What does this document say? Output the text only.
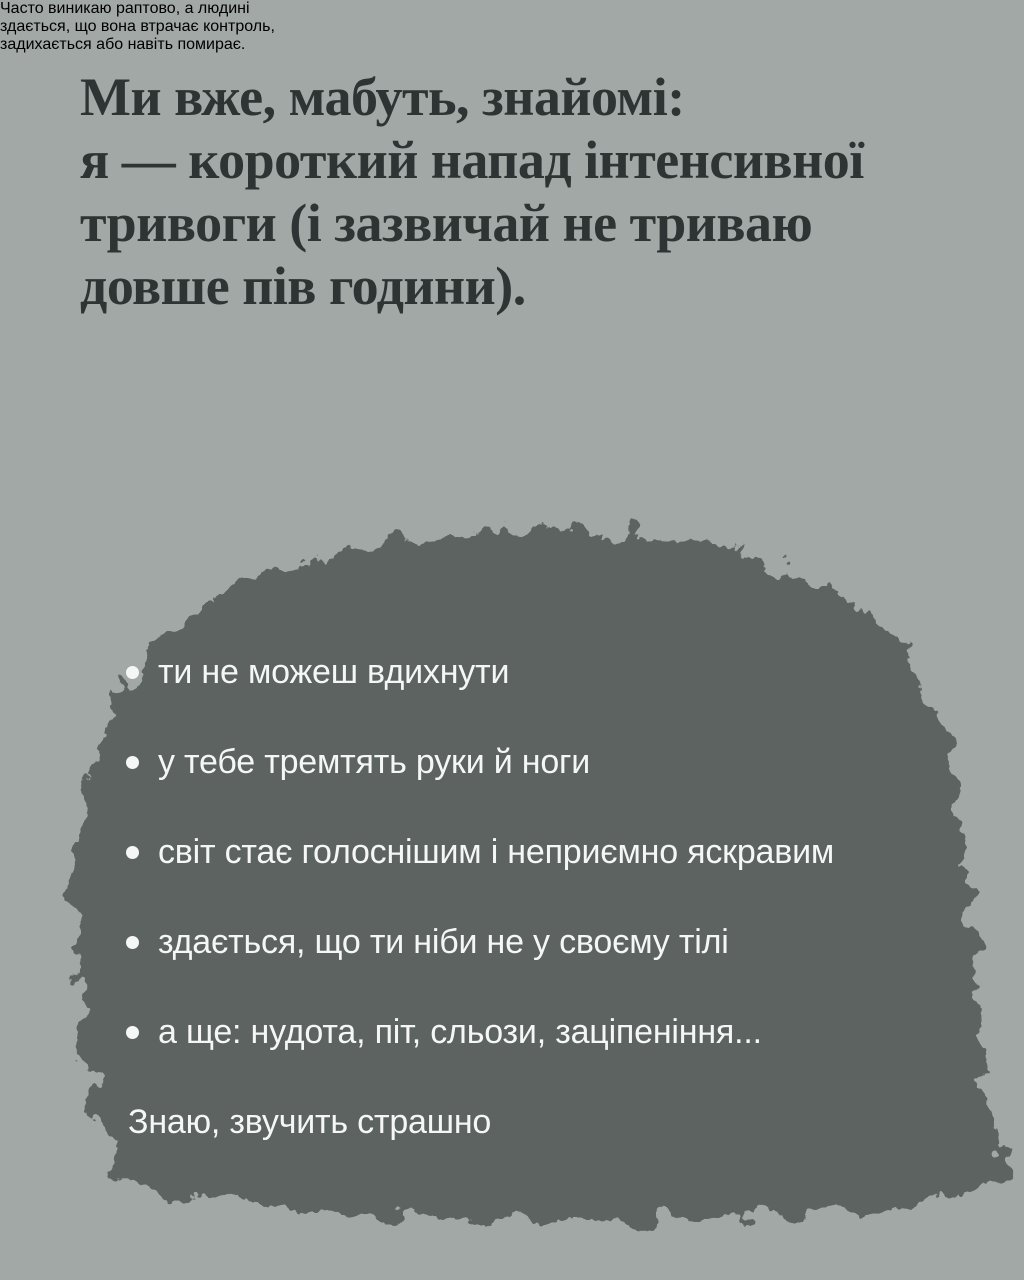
Ми вже, мабуть, знайомі:
я — короткий напад інтенсивної
тривоги (і зазвичай не триваю
довше пів години).

Часто виникаю раптово, а людині
здається, що вона втрачає контроль,
задихається або навіть помирає.

ти не можеш вдихнути
у тебе тремтять руки й ноги
світ стає голоснішим і неприємно яскравим
здається, що ти ніби не у своєму тілі
а ще: нудота, піт, сльози, заціпеніння...

Знаю, звучить страшно
